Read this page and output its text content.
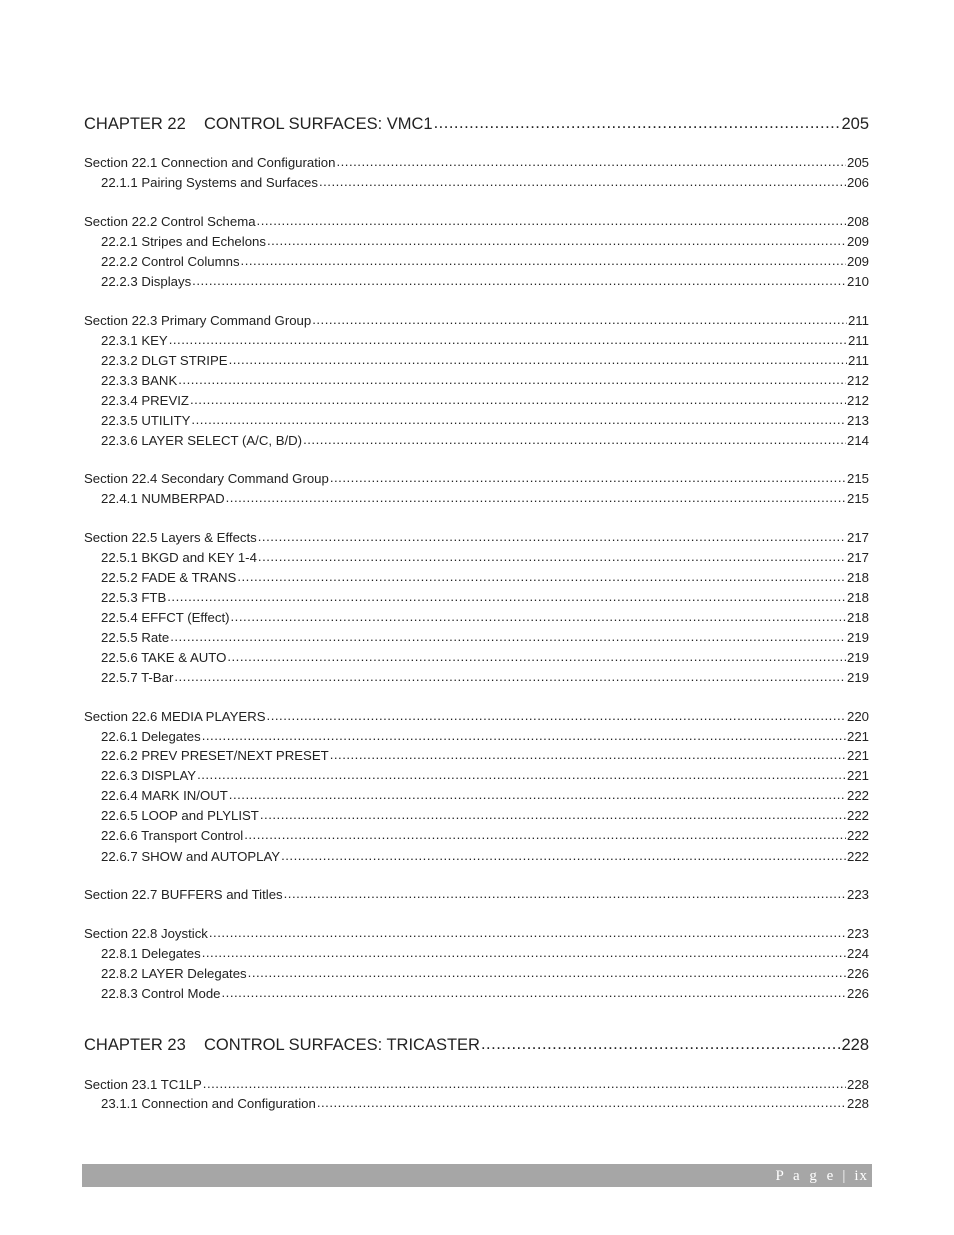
CHAPTER 22	CONTROL SURFACES: VMC1 .....	205
Section 22.1 Connection and Configuration .....	205
22.1.1 Pairing Systems and Surfaces .....	206
Section 22.2 Control Schema .....	208
22.2.1 Stripes and Echelons .....	209
22.2.2 Control Columns .....	209
22.2.3 Displays .....	210
Section 22.3 Primary Command Group .....	211
22.3.1 KEY .....	211
22.3.2 DLGT STRIPE .....	211
22.3.3 BANK .....	212
22.3.4 PREVIZ .....	212
22.3.5 UTILITY .....	213
22.3.6 LAYER SELECT (A/C, B/D) .....	214
Section 22.4 Secondary Command Group .....	215
22.4.1 NUMBERPAD .....	215
Section 22.5 Layers & Effects .....	217
22.5.1 BKGD and KEY 1-4 .....	217
22.5.2 FADE & TRANS .....	218
22.5.3 FTB .....	218
22.5.4 EFFCT (Effect) .....	218
22.5.5 Rate .....	219
22.5.6 TAKE & AUTO .....	219
22.5.7 T-Bar .....	219
Section 22.6 MEDIA PLAYERS .....	220
22.6.1 Delegates .....	221
22.6.2 PREV PRESET/NEXT PRESET .....	221
22.6.3 DISPLAY .....	221
22.6.4 MARK IN/OUT .....	222
22.6.5 LOOP and PLYLIST .....	222
22.6.6 Transport Control .....	222
22.6.7 SHOW and AUTOPLAY .....	222
Section 22.7 BUFFERS and Titles .....	223
Section 22.8 Joystick .....	223
22.8.1 Delegates .....	224
22.8.2 LAYER Delegates .....	226
22.8.3 Control Mode .....	226
CHAPTER 23	CONTROL SURFACES: TRICASTER .....	228
Section 23.1 TC1LP .....	228
23.1.1 Connection and Configuration .....	228
P a g e | ix
